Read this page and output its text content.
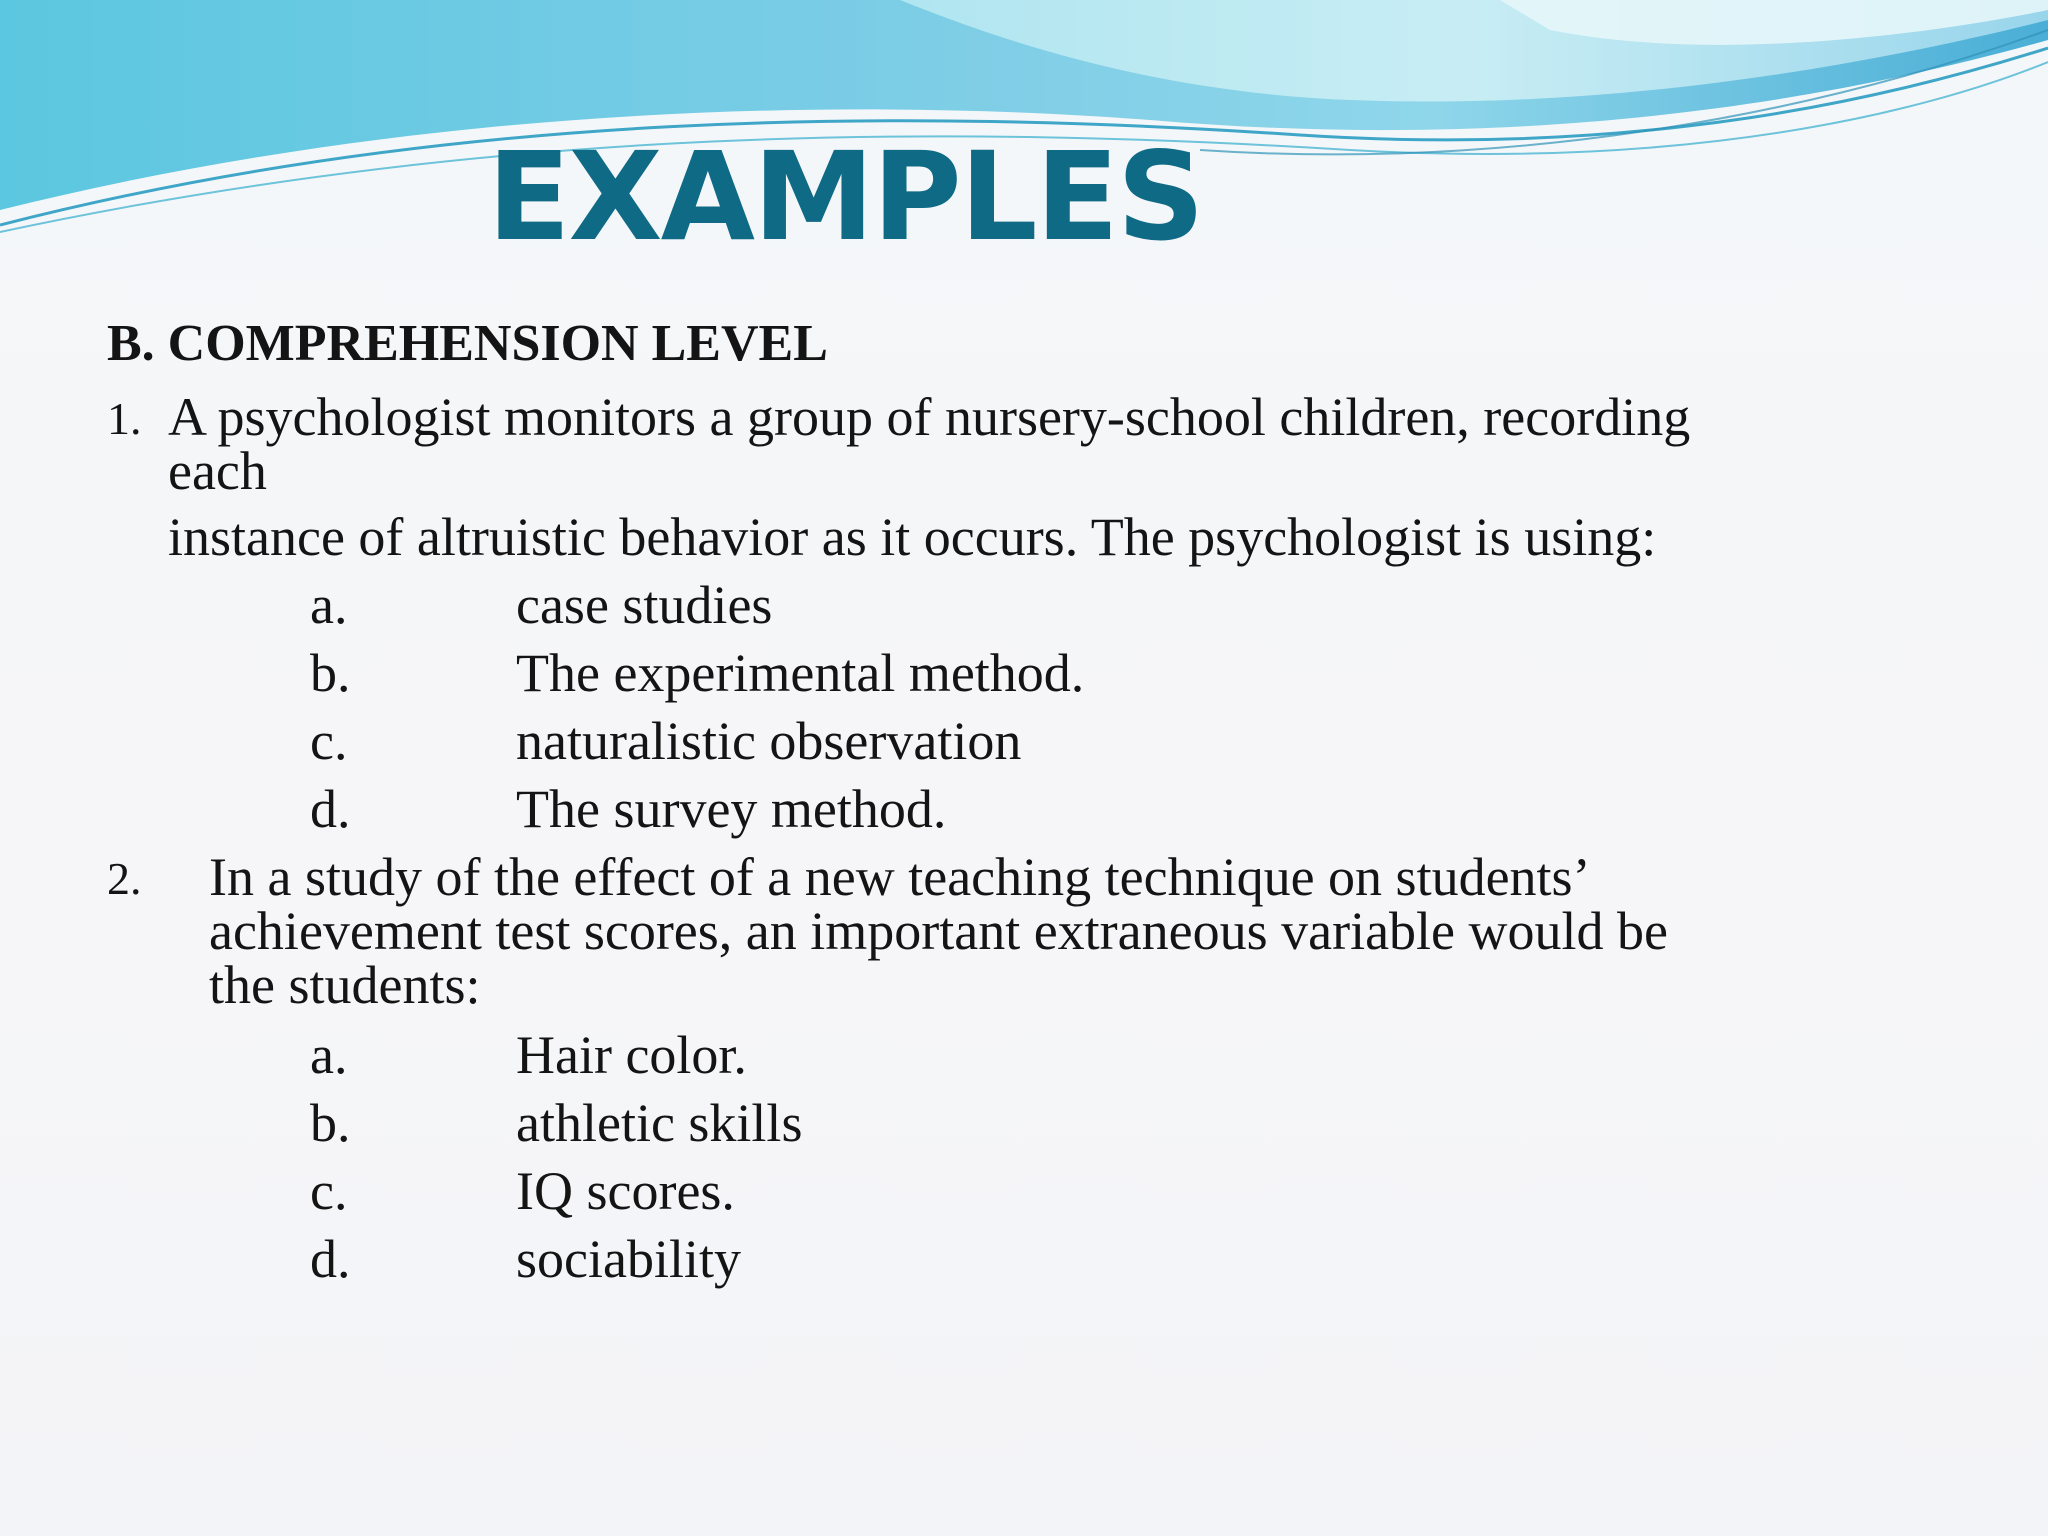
EXAMPLES
B. COMPREHENSION LEVEL
1. A psychologist monitors a group of nursery-school children, recording
each
instance of altruistic behavior as it occurs. The psychologist is using:
a.	case studies
b.	The experimental method.
c.	naturalistic observation
d.	The survey method.
2. In a study of the effect of a new teaching technique on students’
achievement test scores, an important extraneous variable would be
the students:
a.	Hair color.
b.	athletic skills
c.	IQ scores.
d.	sociability
